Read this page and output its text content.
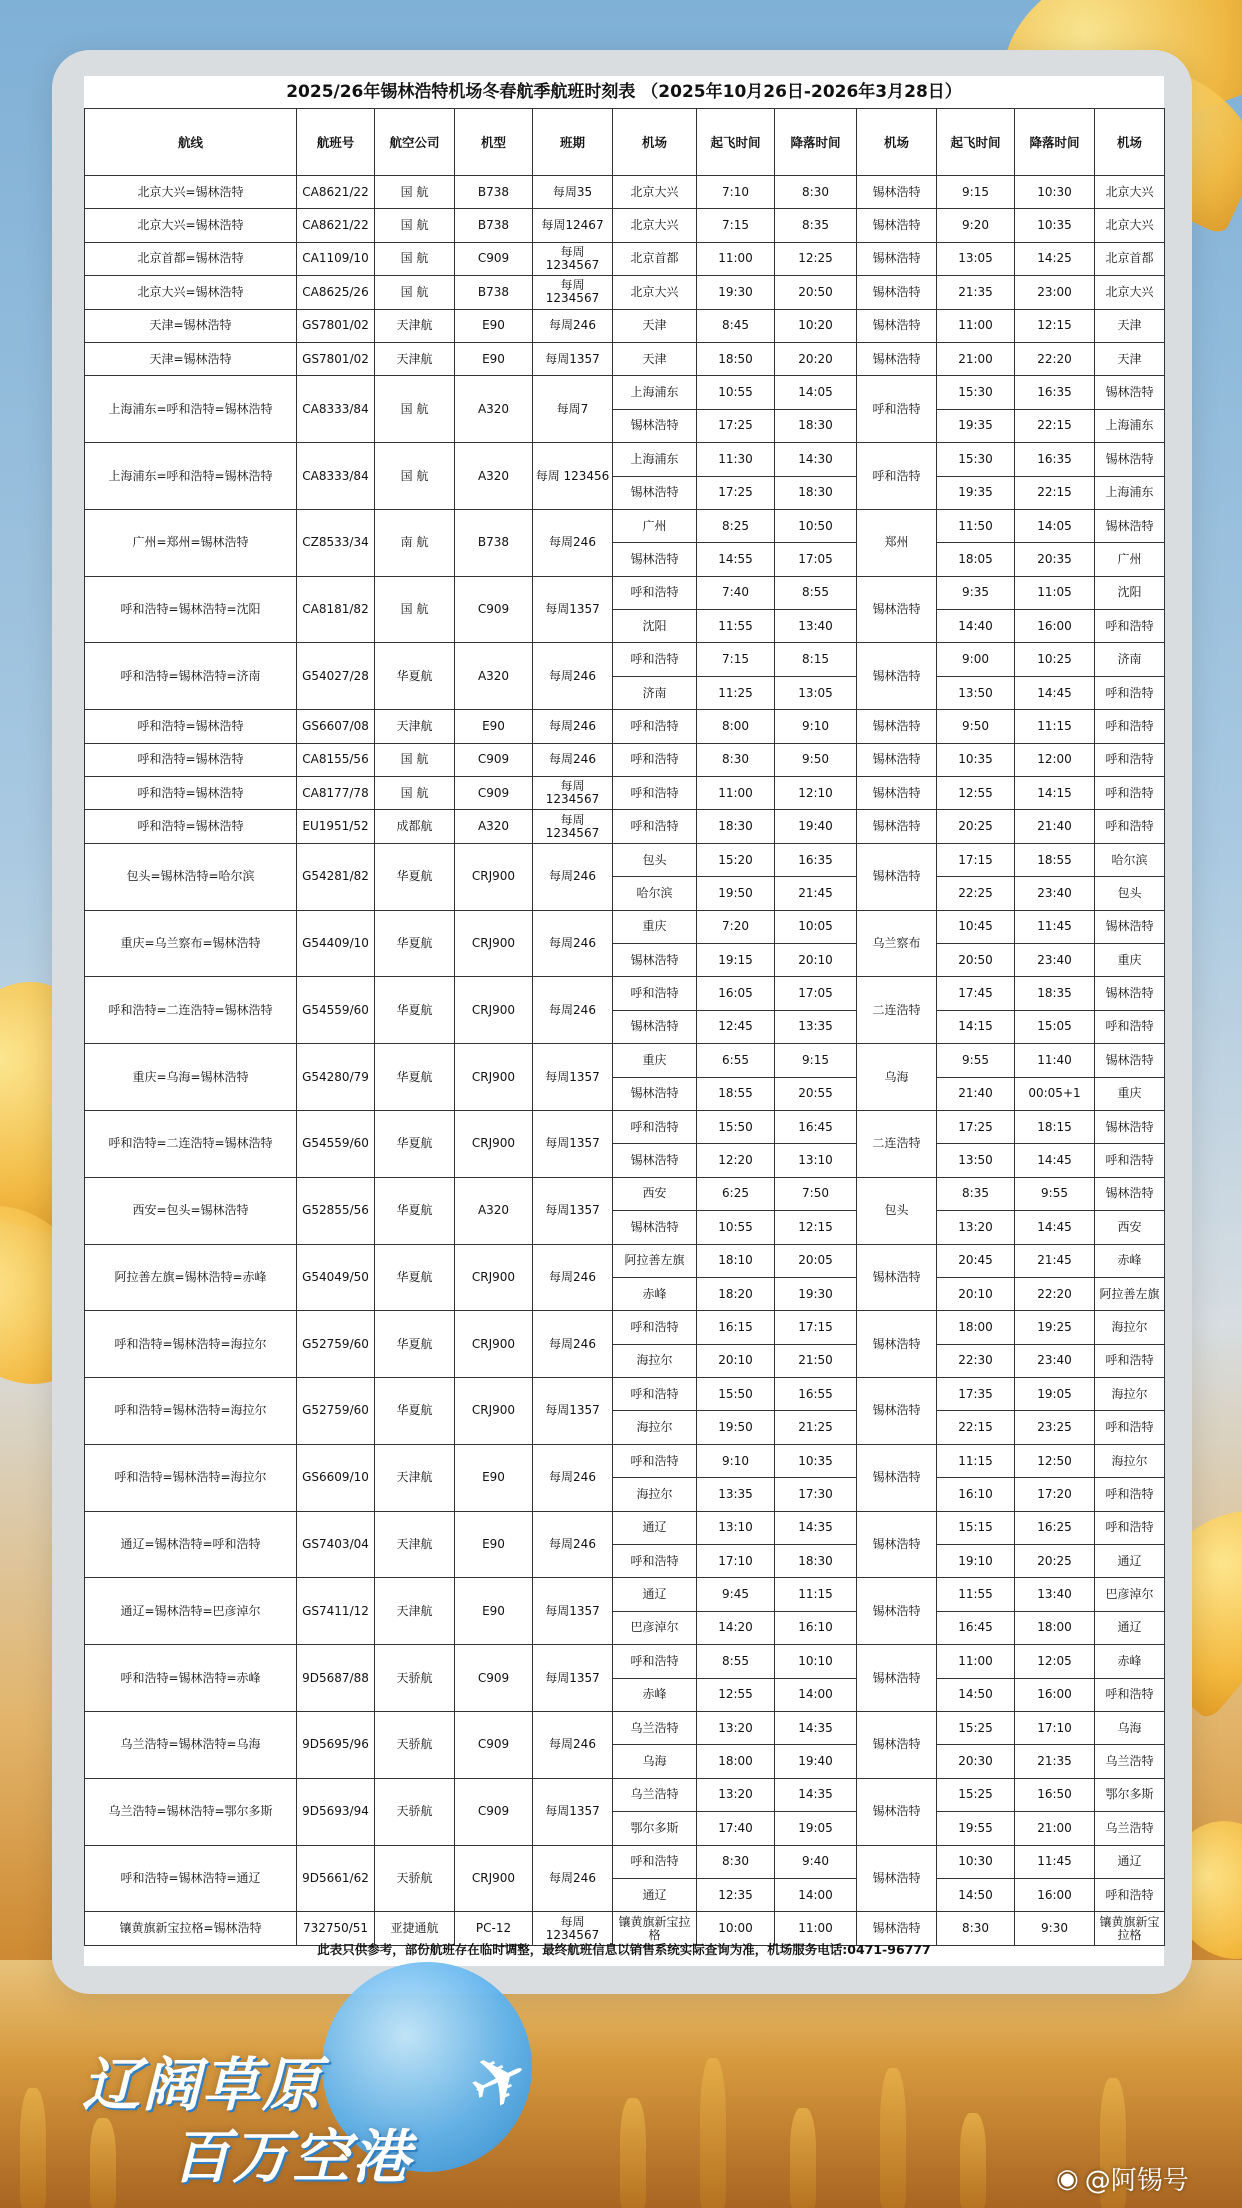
2025/26年锡林浩特机场冬春航季航班时刻表 （2025年10月26日-2026年3月28日）
航线	航班号	航空公司	机型	班期	机场	起飞时间	降落时间	机场	起飞时间	降落时间	机场
北京大兴=锡林浩特	CA8621/22	国 航	B738	每周35	北京大兴	7:10	8:30	锡林浩特	9:15	10:30	北京大兴
北京大兴=锡林浩特	CA8621/22	国 航	B738	每周12467	北京大兴	7:15	8:35	锡林浩特	9:20	10:35	北京大兴
北京首都=锡林浩特	CA1109/10	国 航	C909	每周 1234567	北京首都	11:00	12:25	锡林浩特	13:05	14:25	北京首都
北京大兴=锡林浩特	CA8625/26	国 航	B738	每周 1234567	北京大兴	19:30	20:50	锡林浩特	21:35	23:00	北京大兴
天津=锡林浩特	GS7801/02	天津航	E90	每周246	天津	8:45	10:20	锡林浩特	11:00	12:15	天津
天津=锡林浩特	GS7801/02	天津航	E90	每周1357	天津	18:50	20:20	锡林浩特	21:00	22:20	天津
上海浦东=呼和浩特=锡林浩特	CA8333/84	国 航	A320	每周7	上海浦东	10:55	14:05	呼和浩特	15:30	16:35	锡林浩特
					锡林浩特	17:25	18:30		19:35	22:15	上海浦东
上海浦东=呼和浩特=锡林浩特	CA8333/84	国 航	A320	每周 123456	上海浦东	11:30	14:30	呼和浩特	15:30	16:35	锡林浩特
					锡林浩特	17:25	18:30		19:35	22:15	上海浦东
广州=郑州=锡林浩特	CZ8533/34	南 航	B738	每周246	广州	8:25	10:50	郑州	11:50	14:05	锡林浩特
					锡林浩特	14:55	17:05		18:05	20:35	广州
呼和浩特=锡林浩特=沈阳	CA8181/82	国 航	C909	每周1357	呼和浩特	7:40	8:55	锡林浩特	9:35	11:05	沈阳
					沈阳	11:55	13:40		14:40	16:00	呼和浩特
呼和浩特=锡林浩特=济南	G54027/28	华夏航	A320	每周246	呼和浩特	7:15	8:15	锡林浩特	9:00	10:25	济南
					济南	11:25	13:05		13:50	14:45	呼和浩特
呼和浩特=锡林浩特	GS6607/08	天津航	E90	每周246	呼和浩特	8:00	9:10	锡林浩特	9:50	11:15	呼和浩特
呼和浩特=锡林浩特	CA8155/56	国 航	C909	每周246	呼和浩特	8:30	9:50	锡林浩特	10:35	12:00	呼和浩特
呼和浩特=锡林浩特	CA8177/78	国 航	C909	每周 1234567	呼和浩特	11:00	12:10	锡林浩特	12:55	14:15	呼和浩特
呼和浩特=锡林浩特	EU1951/52	成都航	A320	每周 1234567	呼和浩特	18:30	19:40	锡林浩特	20:25	21:40	呼和浩特
包头=锡林浩特=哈尔滨	G54281/82	华夏航	CRJ900	每周246	包头	15:20	16:35	锡林浩特	17:15	18:55	哈尔滨
					哈尔滨	19:50	21:45		22:25	23:40	包头
重庆=乌兰察布=锡林浩特	G54409/10	华夏航	CRJ900	每周246	重庆	7:20	10:05	乌兰察布	10:45	11:45	锡林浩特
					锡林浩特	19:15	20:10		20:50	23:40	重庆
呼和浩特=二连浩特=锡林浩特	G54559/60	华夏航	CRJ900	每周246	呼和浩特	16:05	17:05	二连浩特	17:45	18:35	锡林浩特
					锡林浩特	12:45	13:35		14:15	15:05	呼和浩特
重庆=乌海=锡林浩特	G54280/79	华夏航	CRJ900	每周1357	重庆	6:55	9:15	乌海	9:55	11:40	锡林浩特
					锡林浩特	18:55	20:55		21:40	00:05+1	重庆
呼和浩特=二连浩特=锡林浩特	G54559/60	华夏航	CRJ900	每周1357	呼和浩特	15:50	16:45	二连浩特	17:25	18:15	锡林浩特
					锡林浩特	12:20	13:10		13:50	14:45	呼和浩特
西安=包头=锡林浩特	G52855/56	华夏航	A320	每周1357	西安	6:25	7:50	包头	8:35	9:55	锡林浩特
					锡林浩特	10:55	12:15		13:20	14:45	西安
阿拉善左旗=锡林浩特=赤峰	G54049/50	华夏航	CRJ900	每周246	阿拉善左旗	18:10	20:05	锡林浩特	20:45	21:45	赤峰
					赤峰	18:20	19:30		20:10	22:20	阿拉善左旗
呼和浩特=锡林浩特=海拉尔	G52759/60	华夏航	CRJ900	每周246	呼和浩特	16:15	17:15	锡林浩特	18:00	19:25	海拉尔
					海拉尔	20:10	21:50		22:30	23:40	呼和浩特
呼和浩特=锡林浩特=海拉尔	G52759/60	华夏航	CRJ900	每周1357	呼和浩特	15:50	16:55	锡林浩特	17:35	19:05	海拉尔
					海拉尔	19:50	21:25		22:15	23:25	呼和浩特
呼和浩特=锡林浩特=海拉尔	GS6609/10	天津航	E90	每周246	呼和浩特	9:10	10:35	锡林浩特	11:15	12:50	海拉尔
					海拉尔	13:35	17:30		16:10	17:20	呼和浩特
通辽=锡林浩特=呼和浩特	GS7403/04	天津航	E90	每周246	通辽	13:10	14:35	锡林浩特	15:15	16:25	呼和浩特
					呼和浩特	17:10	18:30		19:10	20:25	通辽
通辽=锡林浩特=巴彦淖尔	GS7411/12	天津航	E90	每周1357	通辽	9:45	11:15	锡林浩特	11:55	13:40	巴彦淖尔
					巴彦淖尔	14:20	16:10		16:45	18:00	通辽
呼和浩特=锡林浩特=赤峰	9D5687/88	天骄航	C909	每周1357	呼和浩特	8:55	10:10	锡林浩特	11:00	12:05	赤峰
					赤峰	12:55	14:00		14:50	16:00	呼和浩特
乌兰浩特=锡林浩特=乌海	9D5695/96	天骄航	C909	每周246	乌兰浩特	13:20	14:35	锡林浩特	15:25	17:10	乌海
					乌海	18:00	19:40		20:30	21:35	乌兰浩特
乌兰浩特=锡林浩特=鄂尔多斯	9D5693/94	天骄航	C909	每周1357	乌兰浩特	13:20	14:35	锡林浩特	15:25	16:50	鄂尔多斯
					鄂尔多斯	17:40	19:05		19:55	21:00	乌兰浩特
呼和浩特=锡林浩特=通辽	9D5661/62	天骄航	CRJ900	每周246	呼和浩特	8:30	9:40	锡林浩特	10:30	11:45	通辽
					通辽	12:35	14:00		14:50	16:00	呼和浩特
镶黄旗新宝拉格=锡林浩特	732750/51	亚捷通航	PC-12	每周 1234567	镶黄旗新宝拉格	10:00	11:00	锡林浩特	8:30	9:30	镶黄旗新宝拉格
此表只供参考，部份航班存在临时调整，最终航班信息以销售系统实际查询为准，机场服务电话:0471-96777
✈
辽阔草原
百万空港	◉ @阿锡号
